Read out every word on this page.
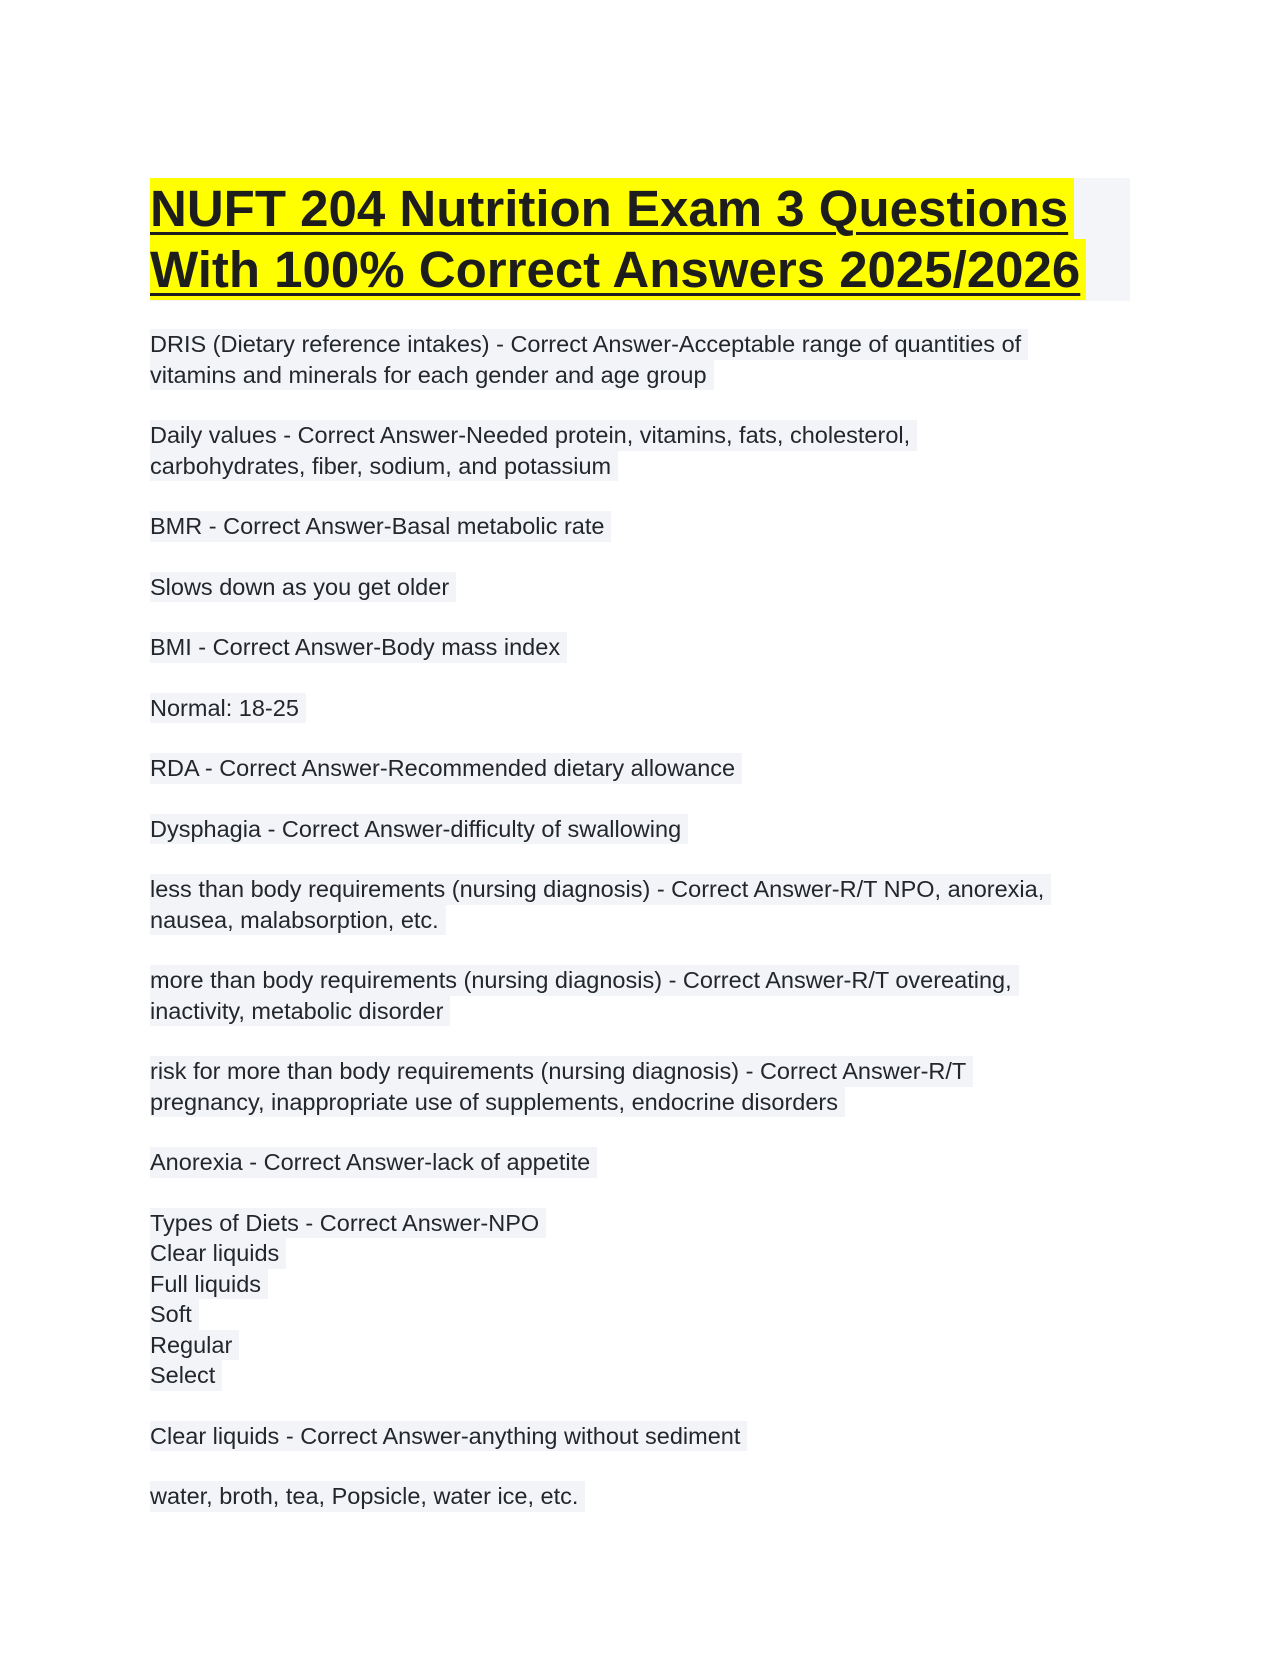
NUFT 204 Nutrition Exam 3 Questions
With 100% Correct Answers 2025/2026
DRIS (Dietary reference intakes) - Correct Answer-Acceptable range of quantities of
vitamins and minerals for each gender and age group
Daily values - Correct Answer-Needed protein, vitamins, fats, cholesterol,
carbohydrates, fiber, sodium, and potassium
BMR - Correct Answer-Basal metabolic rate
Slows down as you get older
BMI - Correct Answer-Body mass index
Normal: 18-25
RDA - Correct Answer-Recommended dietary allowance
Dysphagia - Correct Answer-difficulty of swallowing
less than body requirements (nursing diagnosis) - Correct Answer-R/T NPO, anorexia,
nausea, malabsorption, etc.
more than body requirements (nursing diagnosis) - Correct Answer-R/T overeating,
inactivity, metabolic disorder
risk for more than body requirements (nursing diagnosis) - Correct Answer-R/T
pregnancy, inappropriate use of supplements, endocrine disorders
Anorexia - Correct Answer-lack of appetite
Types of Diets - Correct Answer-NPO
Clear liquids
Full liquids
Soft
Regular
Select
Clear liquids - Correct Answer-anything without sediment
water, broth, tea, Popsicle, water ice, etc.
